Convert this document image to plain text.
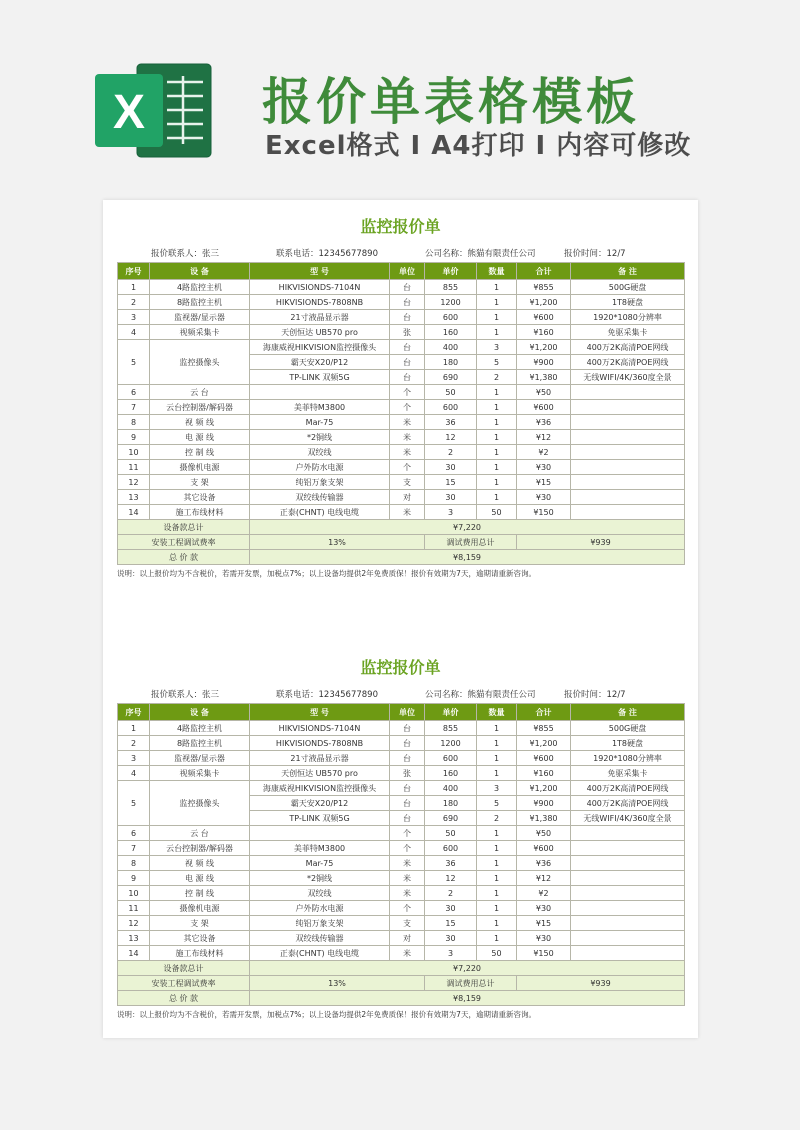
X 报价单表格模板
Excel格式 I A4打印 I 内容可修改
监控报价单
报价联系人：张三	联系电话：12345677890	公司名称：熊猫有限责任公司	报价时间：12/7
序号	设 备	型 号	单位	单价	数量	合计	备 注
1	4路监控主机	HIKVISIONDS-7104N	台	855	1	¥855	500G硬盘
2	8路监控主机	HIKVISIONDS-7808NB	台	1200	1	¥1,200	1T8硬盘
3	监视器/显示器	21寸液晶显示器	台	600	1	¥600	1920*1080分辨率
4	视频采集卡	天创恒达 UB570 pro	张	160	1	¥160	免驱采集卡
5	监控摄像头	海康威视HIKVISION监控摄像头	台	400	3	¥1,200	400万2K高清POE网线
		霸天安X20/P12	台	180	5	¥900	400万2K高清POE网线
		TP-LINK 双频5G	台	690	2	¥1,380	无线WIFI/4K/360度全景
6	云 台		个	50	1	¥50	
7	云台控制器/解码器	美菲特M3800	个	600	1	¥600	
8	视 频 线	Mar-75	米	36	1	¥36	
9	电 源 线	*2铜线	米	12	1	¥12	
10	控 制 线	双绞线	米	2	1	¥2	
11	摄像机电源	户外防水电源	个	30	1	¥30	
12	支 架	纯铝万象支架	支	15	1	¥15	
13	其它设备	双绞线传输器	对	30	1	¥30	
14	施工布线材料	正泰(CHNT) 电线电缆	米	3	50	¥150	
设备款总计		¥7,220					
安装工程调试费率		13%		调试费用总计		¥939	
总 价 款		¥8,159					
说明：以上报价均为不含税价，若需开发票，加税点7%；以上设备均提供2年免费质保！报价有效期为7天，逾期请重新咨询。
监控报价单
报价联系人：张三	联系电话：12345677890	公司名称：熊猫有限责任公司	报价时间：12/7
序号	设 备	型 号	单位	单价	数量	合计	备 注
1	4路监控主机	HIKVISIONDS-7104N	台	855	1	¥855	500G硬盘
2	8路监控主机	HIKVISIONDS-7808NB	台	1200	1	¥1,200	1T8硬盘
3	监视器/显示器	21寸液晶显示器	台	600	1	¥600	1920*1080分辨率
4	视频采集卡	天创恒达 UB570 pro	张	160	1	¥160	免驱采集卡
5	监控摄像头	海康威视HIKVISION监控摄像头	台	400	3	¥1,200	400万2K高清POE网线
		霸天安X20/P12	台	180	5	¥900	400万2K高清POE网线
		TP-LINK 双频5G	台	690	2	¥1,380	无线WIFI/4K/360度全景
6	云 台		个	50	1	¥50	
7	云台控制器/解码器	美菲特M3800	个	600	1	¥600	
8	视 频 线	Mar-75	米	36	1	¥36	
9	电 源 线	*2铜线	米	12	1	¥12	
10	控 制 线	双绞线	米	2	1	¥2	
11	摄像机电源	户外防水电源	个	30	1	¥30	
12	支 架	纯铝万象支架	支	15	1	¥15	
13	其它设备	双绞线传输器	对	30	1	¥30	
14	施工布线材料	正泰(CHNT) 电线电缆	米	3	50	¥150	
设备款总计		¥7,220					
安装工程调试费率		13%		调试费用总计		¥939	
总 价 款		¥8,159					
说明：以上报价均为不含税价，若需开发票，加税点7%；以上设备均提供2年免费质保！报价有效期为7天，逾期请重新咨询。
